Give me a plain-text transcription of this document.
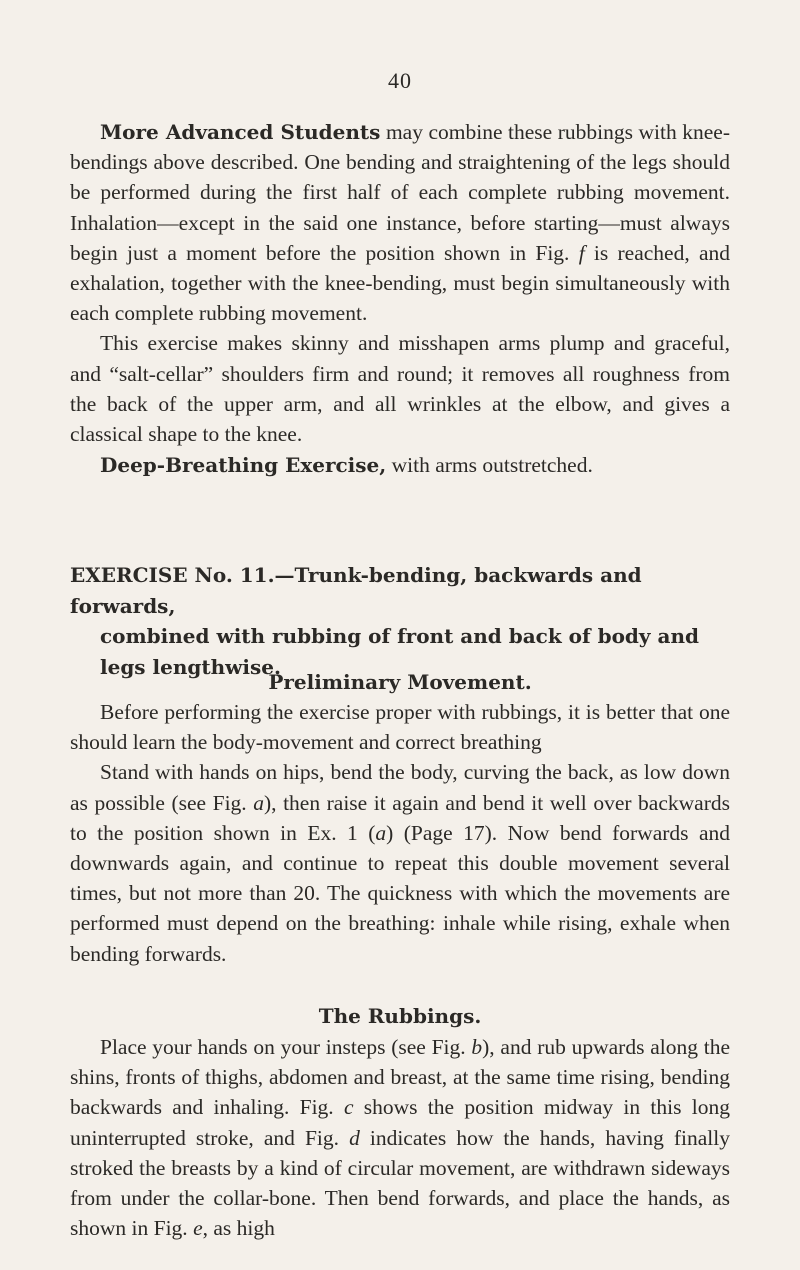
40

More Advanced Students may combine these rubbings with knee-bendings above described. One bending and straightening of the legs should be performed during the first half of each complete rubbing movement. Inhalation—except in the said one instance, before starting—must always begin just a moment before the position shown in Fig. f is reached, and exhalation, together with the knee-bending, must begin simultaneously with each complete rubbing movement.

This exercise makes skinny and misshapen arms plump and graceful, and “salt-cellar” shoulders firm and round; it removes all roughness from the back of the upper arm, and all wrinkles at the elbow, and gives a classical shape to the knee.

Deep-Breathing Exercise, with arms outstretched.

EXERCISE No. 11.—Trunk-bending, backwards and forwards,
combined with rubbing of front and back of body and legs lengthwise.
Preliminary Movement.

Before performing the exercise proper with rubbings, it is better that one should learn the body-movement and correct breathing

Stand with hands on hips, bend the body, curving the back, as low down as possible (see Fig. a), then raise it again and bend it well over backwards to the position shown in Ex. 1 (a) (Page 17). Now bend forwards and downwards again, and continue to repeat this double movement several times, but not more than 20. The quickness with which the movements are performed must depend on the breathing: inhale while rising, exhale when bending forwards.

The Rubbings.

Place your hands on your insteps (see Fig. b), and rub upwards along the shins, fronts of thighs, abdomen and breast, at the same time rising, bending backwards and inhaling. Fig. c shows the position midway in this long uninterrupted stroke, and Fig. d indicates how the hands, having finally stroked the breasts by a kind of circular movement, are withdrawn sideways from under the collar-bone. Then bend forwards, and place the hands, as shown in Fig. e, as high
